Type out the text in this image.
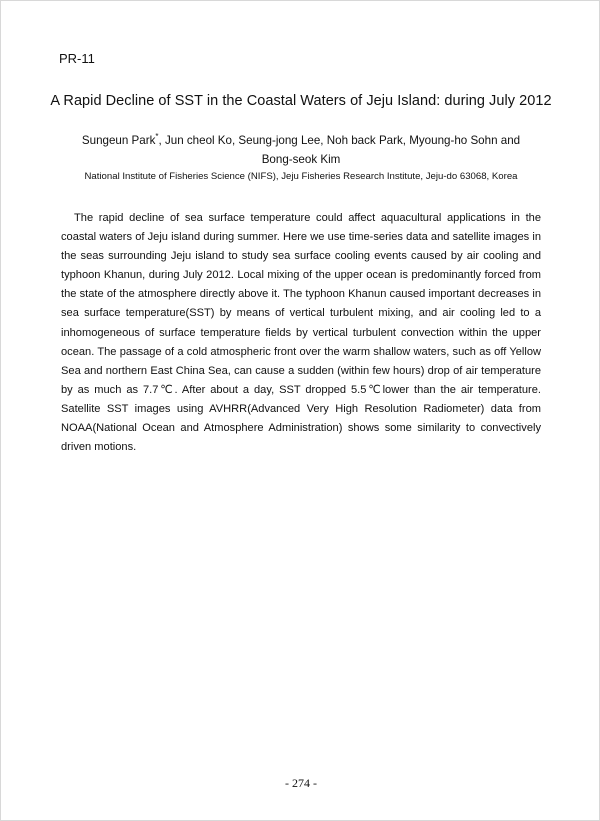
PR-11
A Rapid Decline of SST in the Coastal Waters of Jeju Island: during July 2012
Sungeun Park*, Jun cheol Ko, Seung-jong Lee, Noh back Park, Myoung-ho Sohn and Bong-seok Kim
National Institute of Fisheries Science (NIFS), Jeju Fisheries Research Institute, Jeju-do 63068, Korea

The rapid decline of sea surface temperature could affect aquacultural applications in the coastal waters of Jeju island during summer. Here we use time-series data and satellite images in the seas surrounding Jeju island to study sea surface cooling events caused by air cooling and typhoon Khanun, during July 2012. Local mixing of the upper ocean is predominantly forced from the state of the atmosphere directly above it. The typhoon Khanun caused important decreases in sea surface temperature(SST) by means of vertical turbulent mixing, and air cooling led to a inhomogeneous of surface temperature fields by vertical turbulent convection within the upper ocean. The passage of a cold atmospheric front over the warm shallow waters, such as off Yellow Sea and northern East China Sea, can cause a sudden (within few hours) drop of air temperature by as much as 7.7℃. After about a day, SST dropped 5.5℃lower than the air temperature. Satellite SST images using AVHRR(Advanced Very High Resolution Radiometer) data from NOAA(National Ocean and Atmosphere Administration) shows some similarity to convectively driven motions.

- 274 -
